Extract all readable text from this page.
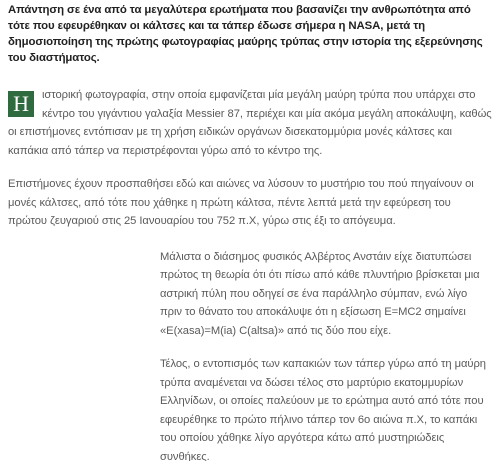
Απάντηση σε ένα από τα μεγαλύτερα ερωτήματα που βασανίζει την ανθρωπότητα από τότε που εφευρέθηκαν οι κάλτσες και τα τάπερ έδωσε σήμερα η NASA, μετά τη δημοσιοποίηση της πρώτης φωτογραφίας μαύρης τρύπας στην ιστορία της εξερεύνησης του διαστήματος.

Η	ιστορική φωτογραφία, στην οποία εμφανίζεται μία μεγάλη μαύρη τρύπα που υπάρχει στο κέντρο του γιγάντιου γαλαξία Messier 87, περιέχει και μία ακόμα μεγάλη αποκάλυψη, καθώς οι επιστήμονες εντόπισαν με τη χρήση ειδικών οργάνων δισεκατομμύρια μονές κάλτσες και καπάκια από τάπερ να περιστρέφονται γύρω από το κέντρο της.

Επιστήμονες έχουν προσπαθήσει εδώ και αιώνες να λύσουν το μυστήριο του πού πηγαίνουν οι μονές κάλτσες, από τότε που χάθηκε η πρώτη κάλτσα, πέντε λεπτά μετά την εφεύρεση του πρώτου ζευγαριού στις 25 Ιανουαρίου του 752 π.Χ, γύρω στις έξι το απόγευμα.

Μάλιστα ο διάσημος φυσικός Αλβέρτος Ανστάιν είχε διατυπώσει πρώτος τη θεωρία ότι ότι πίσω από κάθε πλυντήριο βρίσκεται μια αστρική πύλη που οδηγεί σε ένα παράλληλο σύμπαν, ενώ λίγο πριν το θάνατο του αποκάλυψε ότι η εξίσωση E=MC2 σημαίνει «E(xasa)=M(ia) C(altsa)» από τις δύο που είχε.

Τέλος, ο εντοπισμός των καπακιών των τάπερ γύρω από τη μαύρη τρύπα αναμένεται να δώσει τέλος στο μαρτύριο εκατομμυρίων Ελληνίδων, οι οποίες παλεύουν με το ερώτημα αυτό από τότε που εφευρέθηκε το πρώτο πήλινο τάπερ τον 6ο αιώνα π.Χ, το καπάκι του οποίου χάθηκε λίγο αργότερα κάτω από μυστηριώδεις συνθήκες.
